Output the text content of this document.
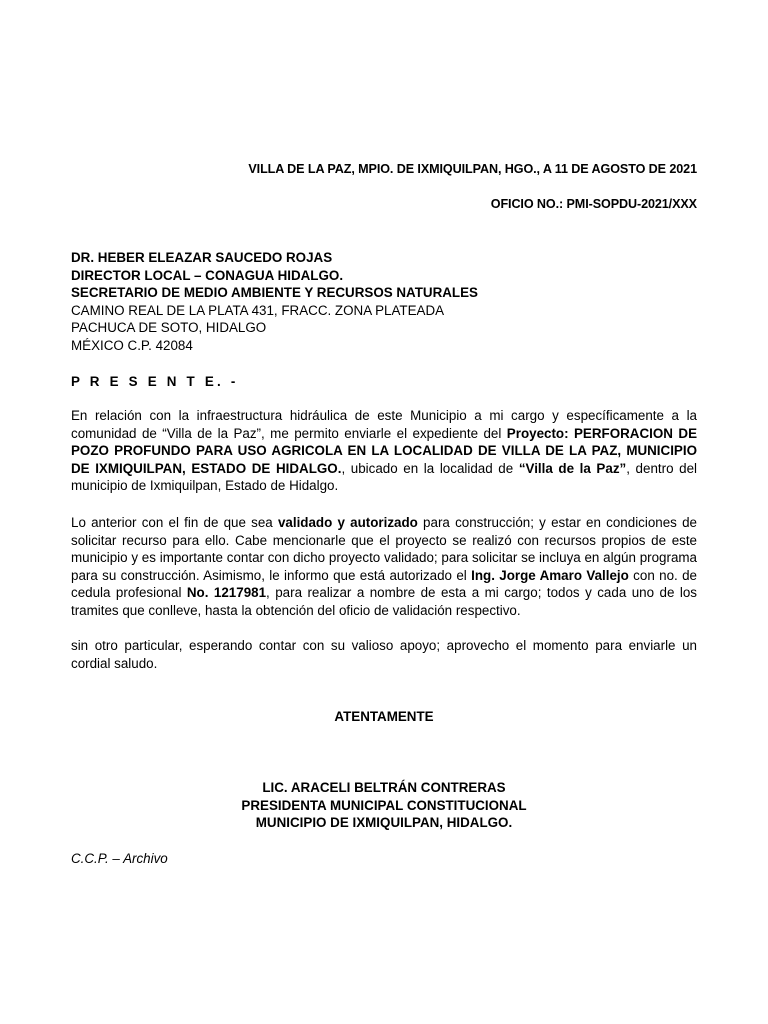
VILLA DE LA PAZ, MPIO. DE IXMIQUILPAN, HGO., A 11 DE AGOSTO DE 2021
OFICIO NO.: PMI-SOPDU-2021/XXX
DR. HEBER ELEAZAR SAUCEDO ROJAS
DIRECTOR LOCAL – CONAGUA HIDALGO.
SECRETARIO DE MEDIO AMBIENTE Y RECURSOS NATURALES
CAMINO REAL DE LA PLATA 431, FRACC. ZONA PLATEADA
PACHUCA DE SOTO, HIDALGO
MÉXICO C.P. 42084
P R E S E N T E. -
En relación con la infraestructura hidráulica de este Municipio a mi cargo y específicamente a la comunidad de “Villa de la Paz”, me permito enviarle el expediente del Proyecto: PERFORACION DE POZO PROFUNDO PARA USO AGRICOLA EN LA LOCALIDAD DE VILLA DE LA PAZ, MUNICIPIO DE IXMIQUILPAN, ESTADO DE HIDALGO., ubicado en la localidad de “Villa de la Paz”, dentro del municipio de Ixmiquilpan, Estado de Hidalgo.
Lo anterior con el fin de que sea validado y autorizado para construcción; y estar en condiciones de solicitar recurso para ello. Cabe mencionarle que el proyecto se realizó con recursos propios de este municipio y es importante contar con dicho proyecto validado; para solicitar se incluya en algún programa para su construcción. Asimismo, le informo que está autorizado el Ing. Jorge Amaro Vallejo con no. de cedula profesional No. 1217981, para realizar a nombre de esta a mi cargo; todos y cada uno de los tramites que conlleve, hasta la obtención del oficio de validación respectivo.
sin otro particular, esperando contar con su valioso apoyo; aprovecho el momento para enviarle un cordial saludo.
ATENTAMENTE
LIC. ARACELI BELTRÁN CONTRERAS
PRESIDENTA MUNICIPAL CONSTITUCIONAL
MUNICIPIO DE IXMIQUILPAN, HIDALGO.
C.C.P. – Archivo
